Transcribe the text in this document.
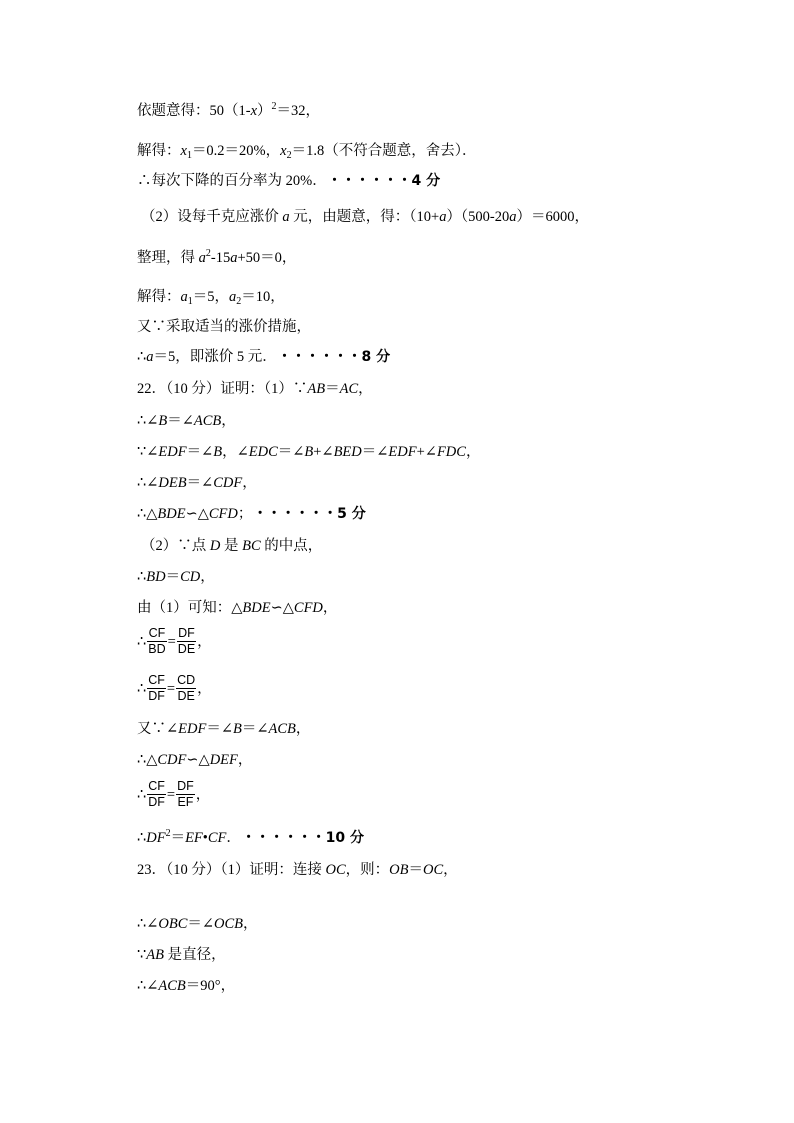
依题意得：$50(1-x)^2=32$，
解得：$x_1=0.2=20\%$，$x_2=1.8$（不符合题意，舍去）．
∴每次下降的百分率为 20%． ・・・・・・4 分
（2）设每千克应涨价 a 元，由题意，得：（10+a）（500-20a）＝6000，
整理，得 $a^2-15a+50=0$，
解得：$a_1=5$，$a_2=10$，
又∵采取适当的涨价措施，
∴a＝5，即涨价 5 元． ・・・・・・8 分
22．（10 分）证明：（1）∵AB＝AC，
∴∠B＝∠ACB，
∵∠EDF＝∠B，∠EDC＝∠B+∠BED＝∠EDF+∠FDC，
∴∠DEB＝∠CDF，
∴△BDE∽△CFD； ・・・・・・5 分
（2）∵点 D 是 BC 的中点，
∴BD＝CD，
由（1）可知：△BDE∽△CFD，
∴ $\frac{CF}{BD} = \frac{DF}{DE}$ ，
∴ $\frac{CF}{DF} = \frac{CD}{DE}$ ，
又∵∠EDF＝∠B＝∠ACB，
∴△CDF∽△DEF，
∴ $\frac{CF}{DF} = \frac{DF}{EF}$ ，
$\therefore DF^2=EF•CF$． ・・・・・・10 分
23．（10 分）（1）证明：连接 OC，则：OB＝OC，
∴∠OBC＝∠OCB，
∵AB 是直径，
∴∠ACB＝90°，
